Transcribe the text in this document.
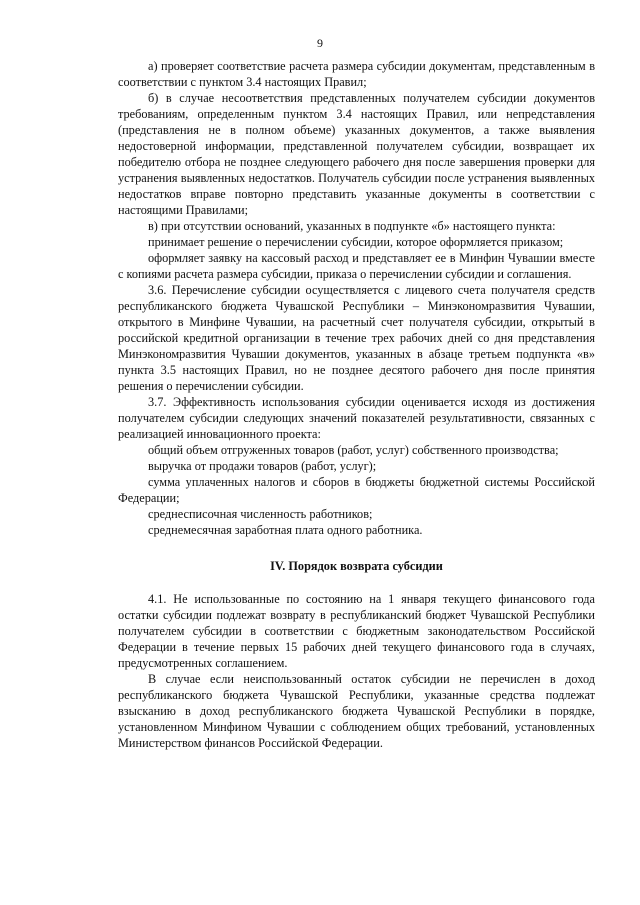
9

а) проверяет соответствие расчета размера субсидии документам, представленным в соответствии с пунктом 3.4 настоящих Правил;

б) в случае несоответствия представленных получателем субсидии документов требованиям, определенным пунктом 3.4 настоящих Правил, или непредставления (представления не в полном объеме) указанных документов, а также выявления недостоверной информации, представленной получателем субсидии, возвращает их победителю отбора не позднее следующего рабочего дня после завершения проверки для устранения выявленных недостатков. Получатель субсидии после устранения выявленных недостатков вправе повторно представить указанные документы в соответствии с настоящими Правилами;

в) при отсутствии оснований, указанных в подпункте «б» настоящего пункта:

принимает решение о перечислении субсидии, которое оформляется приказом;

оформляет заявку на кассовый расход и представляет ее в Минфин Чувашии вместе с копиями расчета размера субсидии, приказа о перечислении субсидии и соглашения.

3.6. Перечисление субсидии осуществляется с лицевого счета получателя средств республиканского бюджета Чувашской Республики – Минэкономразвития Чувашии, открытого в Минфине Чувашии, на расчетный счет получателя субсидии, открытый в российской кредитной организации в течение трех рабочих дней со дня представления Минэкономразвития Чувашии документов, указанных в абзаце третьем подпункта «в» пункта 3.5 настоящих Правил, но не позднее десятого рабочего дня после принятия решения о перечислении субсидии.

3.7. Эффективность использования субсидии оценивается исходя из достижения получателем субсидии следующих значений показателей результативности, связанных с реализацией инновационного проекта:

общий объем отгруженных товаров (работ, услуг) собственного производства;

выручка от продажи товаров (работ, услуг);

сумма уплаченных налогов и сборов в бюджеты бюджетной системы Российской Федерации;

среднесписочная численность работников;

среднемесячная заработная плата одного работника.

IV. Порядок возврата субсидии

4.1. Не использованные по состоянию на 1 января текущего финансового года остатки субсидии подлежат возврату в республиканский бюджет Чувашской Республики получателем субсидии в соответствии с бюджетным законодательством Российской Федерации в течение первых 15 рабочих дней текущего финансового года в случаях, предусмотренных соглашением.

В случае если неиспользованный остаток субсидии не перечислен в доход республиканского бюджета Чувашской Республики, указанные средства подлежат взысканию в доход республиканского бюджета Чувашской Республики в порядке, установленном Минфином Чувашии с соблюдением общих требований, установленных Министерством финансов Российской Федерации.
